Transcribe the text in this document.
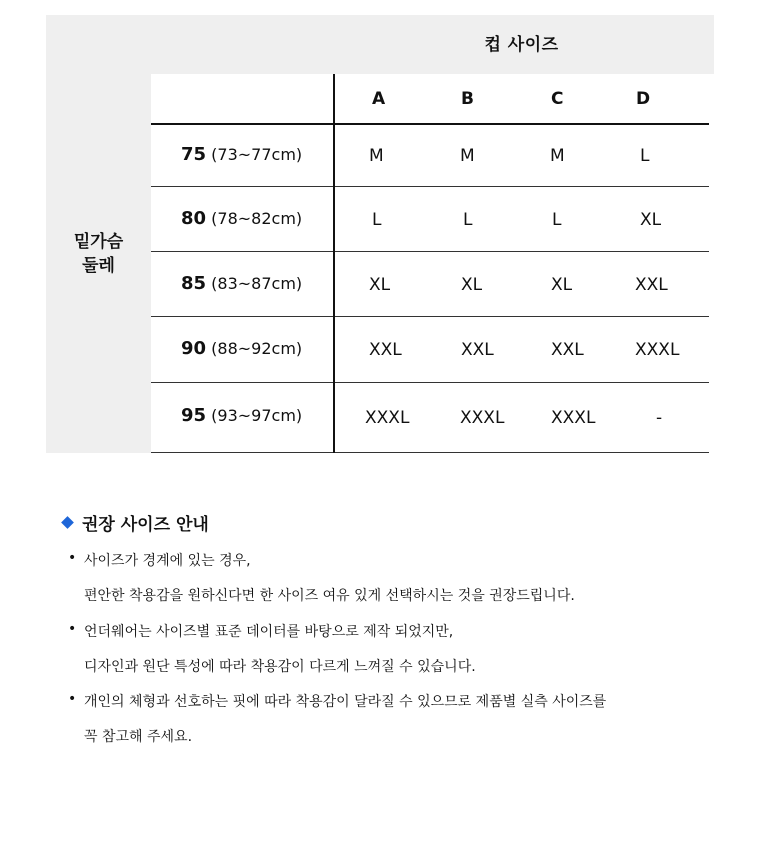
컵 사이즈
밑가슴
둘레
A	B	C	D
75 (73~77cm)	M	M	M	L
80 (78~82cm)	L	L	L	XL
85 (83~87cm)	XL	XL	XL	XXL
90 (88~92cm)	XXL	XXL	XXL	XXXL
95 (93~97cm)	XXXL	XXXL	XXXL	-
권장 사이즈 안내
• 사이즈가 경계에 있는 경우,
편안한 착용감을 원하신다면 한 사이즈 여유 있게 선택하시는 것을 권장드립니다.
• 언더웨어는 사이즈별 표준 데이터를 바탕으로 제작 되었지만,
디자인과 원단 특성에 따라 착용감이 다르게 느껴질 수 있습니다.
• 개인의 체형과 선호하는 핏에 따라 착용감이 달라질 수 있으므로 제품별 실측 사이즈를
꼭 참고해 주세요.
